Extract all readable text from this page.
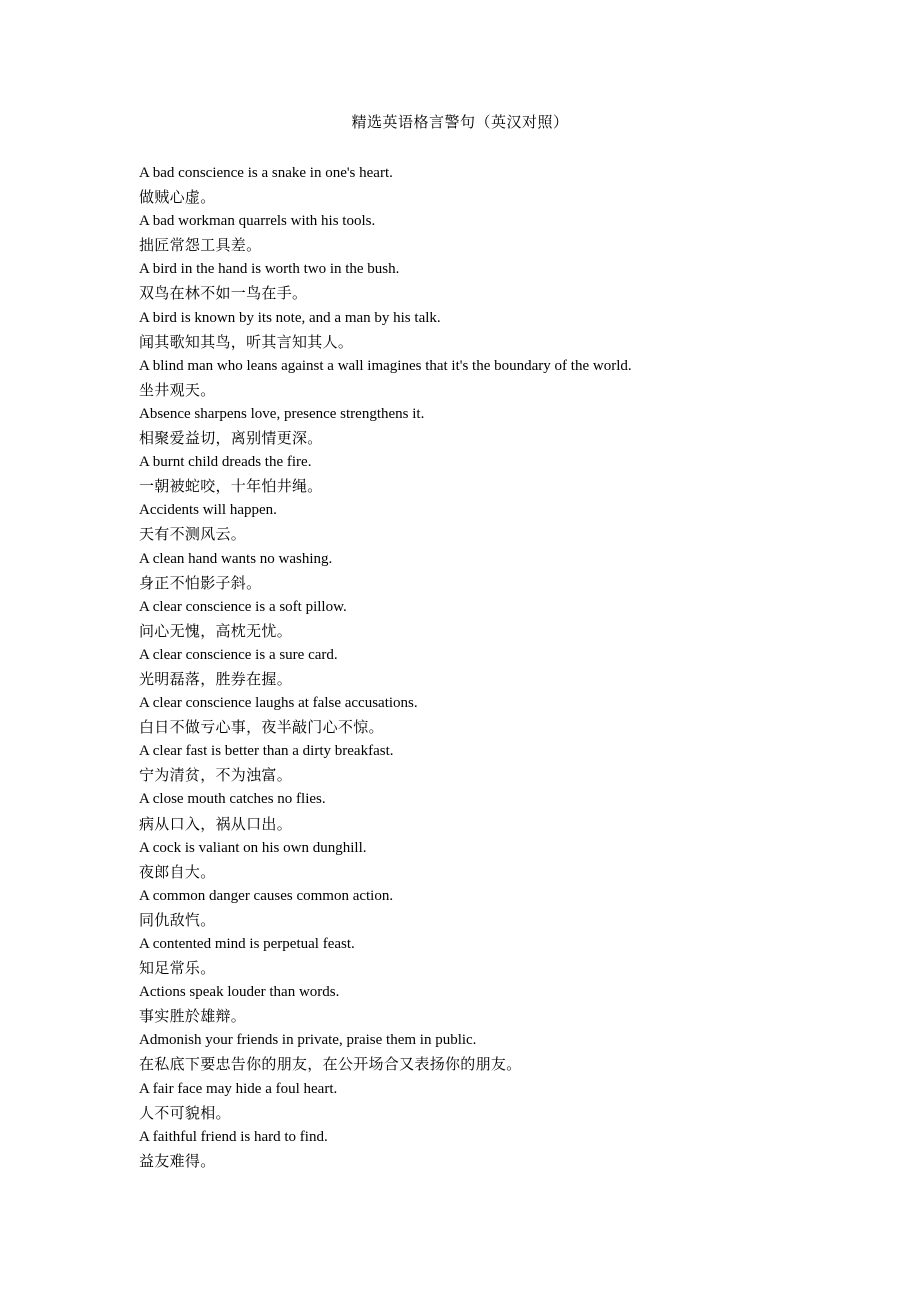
精选英语格言警句（英汉对照）
A bad conscience is a snake in one's heart.
做贼心虚。
A bad workman quarrels with his tools.
拙匠常怨工具差。
A bird in the hand is worth two in the bush.
双鸟在林不如一鸟在手。
A bird is known by its note, and a man by his talk.
闻其歌知其鸟，听其言知其人。
A blind man who leans against a wall imagines that it's the boundary of the world.
坐井观天。
Absence sharpens love, presence strengthens it.
相聚爱益切，离别情更深。
A burnt child dreads the fire.
一朝被蛇咬，十年怕井绳。
Accidents will happen.
天有不测风云。
A clean hand wants no washing.
身正不怕影子斜。
A clear conscience is a soft pillow.
问心无愧，高枕无忧。
A clear conscience is a sure card.
光明磊落，胜券在握。
A clear conscience laughs at false accusations.
白日不做亏心事，夜半敲门心不惊。
A clear fast is better than a dirty breakfast.
宁为清贫，不为浊富。
A close mouth catches no flies.
病从口入，祸从口出。
A cock is valiant on his own dunghill.
夜郎自大。
A common danger causes common action.
同仇敌忾。
A contented mind is perpetual feast.
知足常乐。
Actions speak louder than words.
事实胜於雄辩。
Admonish your friends in private, praise them in public.
在私底下要忠告你的朋友，在公开场合又表扬你的朋友。
A fair face may hide a foul heart.
人不可貌相。
A faithful friend is hard to find.
益友难得。
